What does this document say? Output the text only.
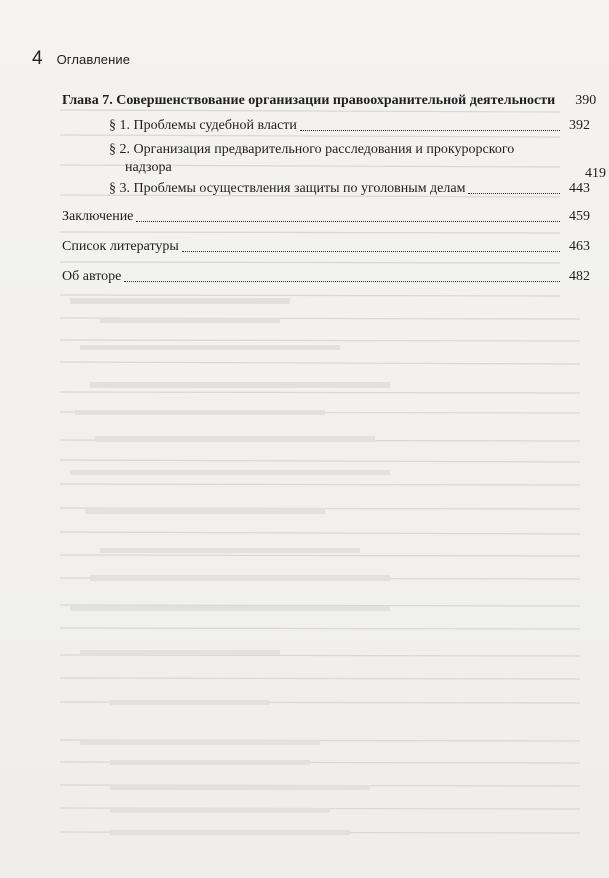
4 Оглавление
Глава 7. Совершенствование организации правоохранительной деятельности	390
§ 1. Проблемы судебной власти	392
§ 2. Организация предварительного расследования и прокурорского
надзора	419
§ 3. Проблемы осуществления защиты по уголовным делам	443
Заключение	459
Список литературы	463
Об авторе	482
